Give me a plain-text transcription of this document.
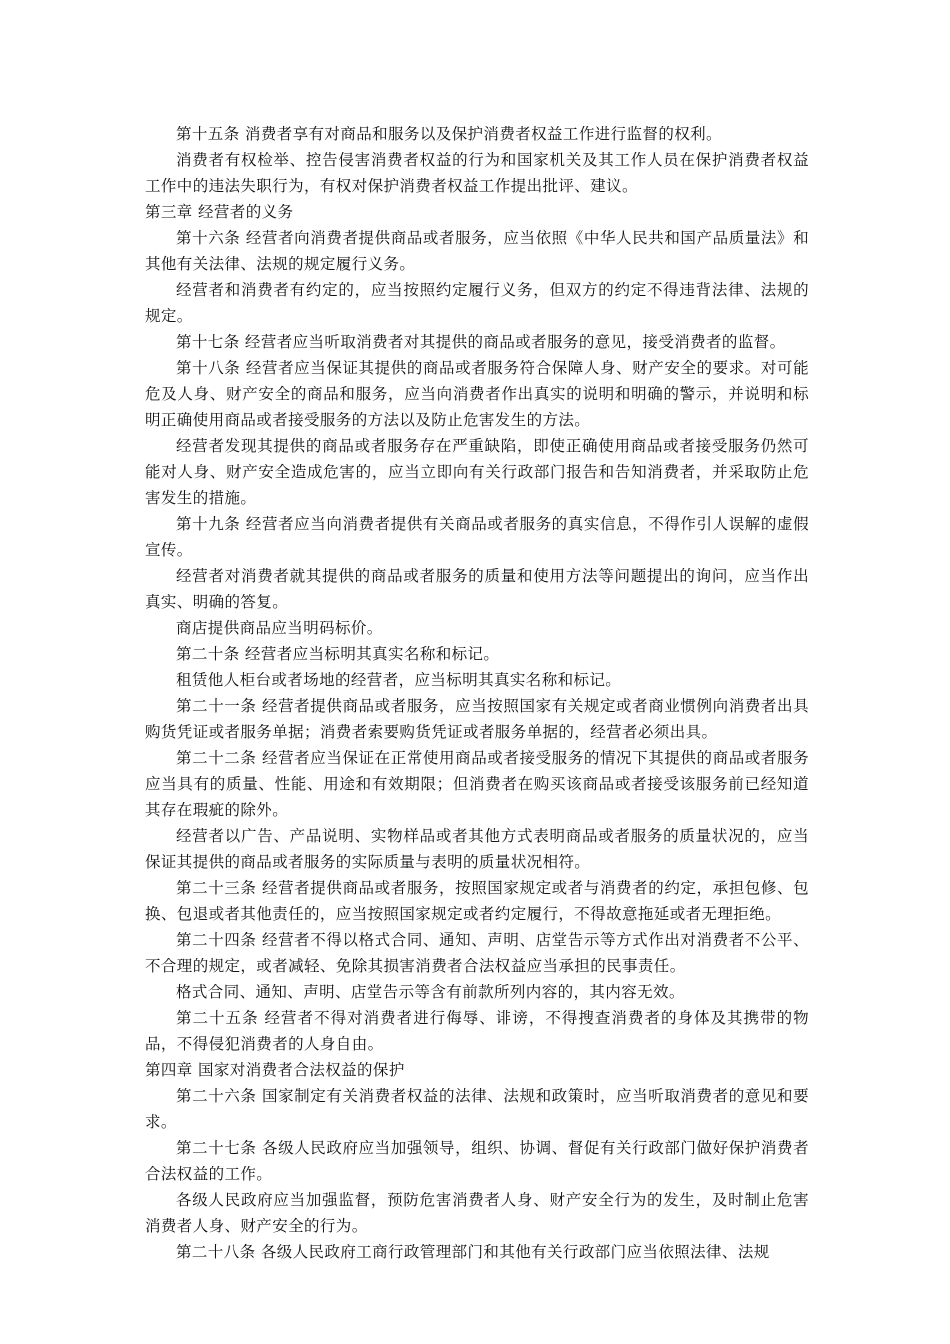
第十五条 消费者享有对商品和服务以及保护消费者权益工作进行监督的权利。

消费者有权检举、控告侵害消费者权益的行为和国家机关及其工作人员在保护消费者权益工作中的违法失职行为，有权对保护消费者权益工作提出批评、建议。

第三章 经营者的义务

第十六条 经营者向消费者提供商品或者服务，应当依照《中华人民共和国产品质量法》和其他有关法律、法规的规定履行义务。

经营者和消费者有约定的，应当按照约定履行义务，但双方的约定不得违背法律、法规的规定。

第十七条 经营者应当听取消费者对其提供的商品或者服务的意见，接受消费者的监督。

第十八条 经营者应当保证其提供的商品或者服务符合保障人身、财产安全的要求。对可能危及人身、财产安全的商品和服务，应当向消费者作出真实的说明和明确的警示，并说明和标明正确使用商品或者接受服务的方法以及防止危害发生的方法。

经营者发现其提供的商品或者服务存在严重缺陷，即使正确使用商品或者接受服务仍然可能对人身、财产安全造成危害的，应当立即向有关行政部门报告和告知消费者，并采取防止危害发生的措施。

第十九条 经营者应当向消费者提供有关商品或者服务的真实信息，不得作引人误解的虚假宣传。

经营者对消费者就其提供的商品或者服务的质量和使用方法等问题提出的询问，应当作出真实、明确的答复。

商店提供商品应当明码标价。

第二十条 经营者应当标明其真实名称和标记。

租赁他人柜台或者场地的经营者，应当标明其真实名称和标记。

第二十一条 经营者提供商品或者服务，应当按照国家有关规定或者商业惯例向消费者出具购货凭证或者服务单据；消费者索要购货凭证或者服务单据的，经营者必须出具。

第二十二条 经营者应当保证在正常使用商品或者接受服务的情况下其提供的商品或者服务应当具有的质量、性能、用途和有效期限；但消费者在购买该商品或者接受该服务前已经知道其存在瑕疵的除外。

经营者以广告、产品说明、实物样品或者其他方式表明商品或者服务的质量状况的，应当保证其提供的商品或者服务的实际质量与表明的质量状况相符。

第二十三条 经营者提供商品或者服务，按照国家规定或者与消费者的约定，承担包修、包换、包退或者其他责任的，应当按照国家规定或者约定履行，不得故意拖延或者无理拒绝。

第二十四条 经营者不得以格式合同、通知、声明、店堂告示等方式作出对消费者不公平、不合理的规定，或者减轻、免除其损害消费者合法权益应当承担的民事责任。

格式合同、通知、声明、店堂告示等含有前款所列内容的，其内容无效。

第二十五条 经营者不得对消费者进行侮辱、诽谤，不得搜查消费者的身体及其携带的物品，不得侵犯消费者的人身自由。

第四章 国家对消费者合法权益的保护

第二十六条 国家制定有关消费者权益的法律、法规和政策时，应当听取消费者的意见和要求。

第二十七条 各级人民政府应当加强领导，组织、协调、督促有关行政部门做好保护消费者合法权益的工作。

各级人民政府应当加强监督，预防危害消费者人身、财产安全行为的发生，及时制止危害消费者人身、财产安全的行为。

第二十八条 各级人民政府工商行政管理部门和其他有关行政部门应当依照法律、法规
